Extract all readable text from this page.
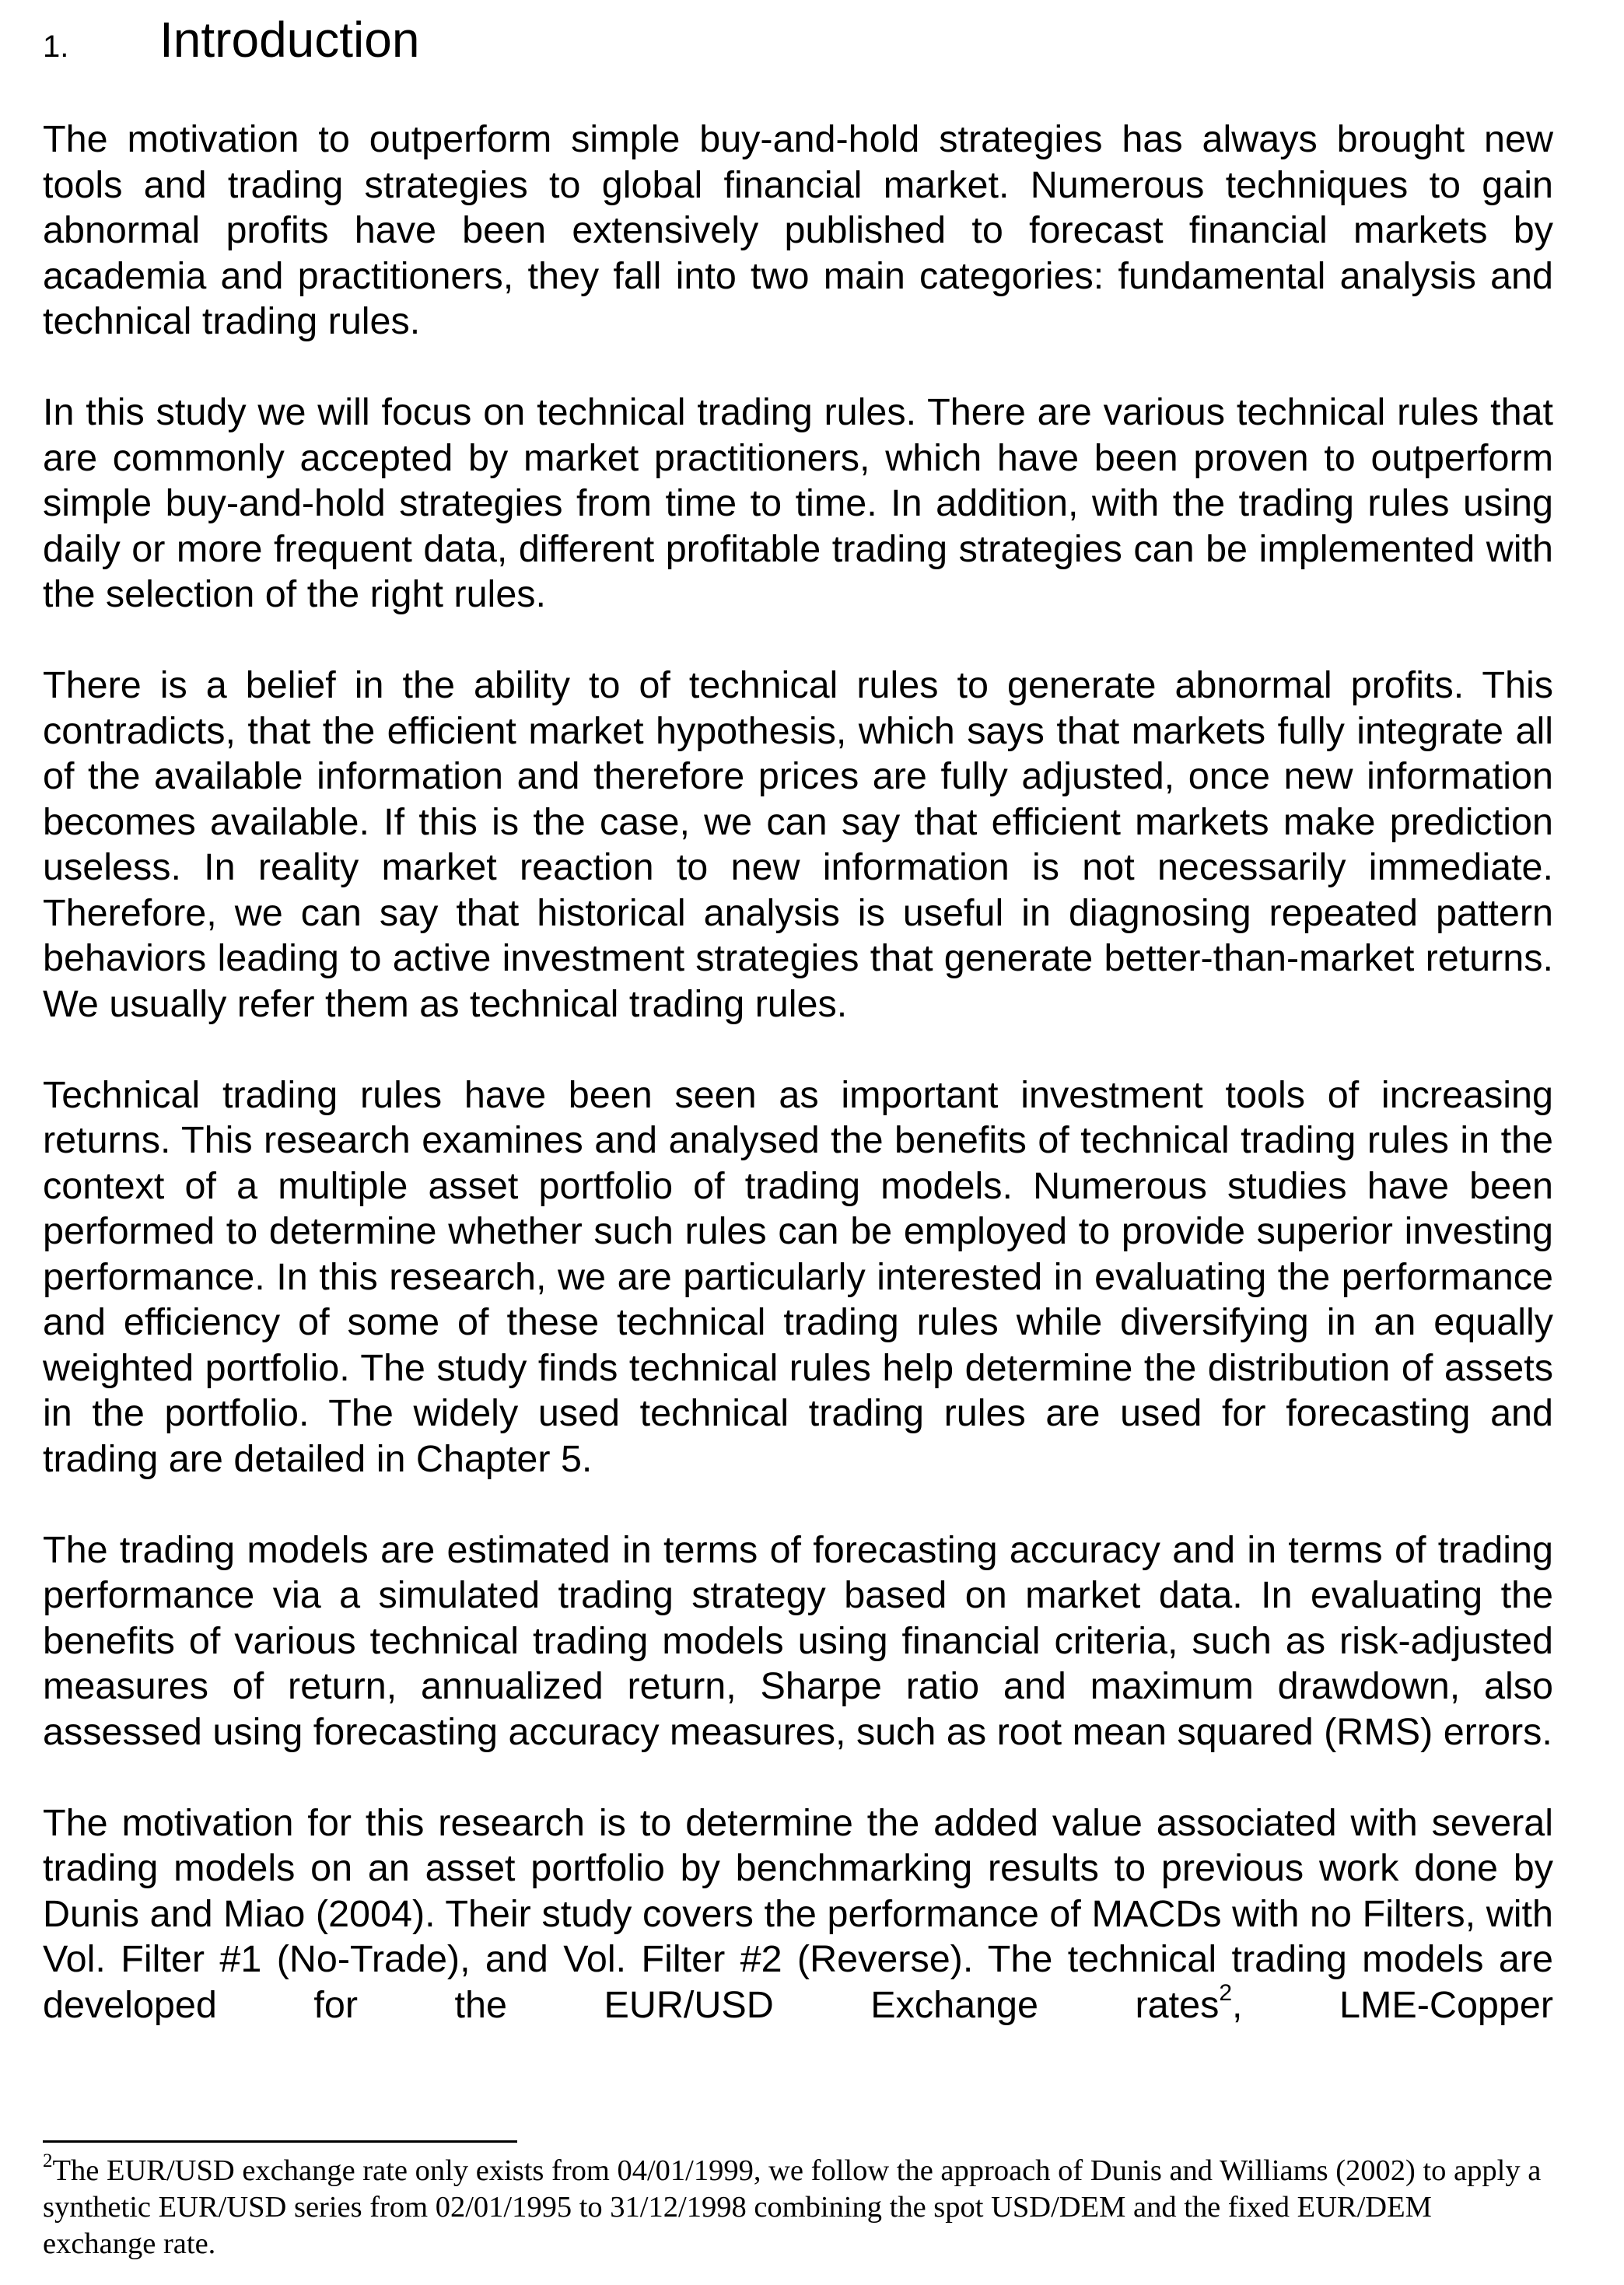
1. Introduction

The motivation to outperform simple buy-and-hold strategies has always brought new tools and trading strategies to global financial market. Numerous techniques to gain abnormal profits have been extensively published to forecast financial markets by academia and practitioners, they fall into two main categories: fundamental analysis and technical trading rules.

In this study we will focus on technical trading rules. There are various technical rules that are commonly accepted by market practitioners, which have been proven to outperform simple buy-and-hold strategies from time to time. In addition, with the trading rules using daily or more frequent data, different profitable trading strategies can be implemented with the selection of the right rules.

There is a belief in the ability to of technical rules to generate abnormal profits. This contradicts, that the efficient market hypothesis, which says that markets fully integrate all of the available information and therefore prices are fully adjusted, once new information becomes available. If this is the case, we can say that efficient markets make prediction useless. In reality market reaction to new information is not necessarily immediate. Therefore, we can say that historical analysis is useful in diagnosing repeated pattern behaviors leading to active investment strategies that generate better-than-market returns. We usually refer them as technical trading rules.

Technical trading rules have been seen as important investment tools of increasing returns. This research examines and analysed the benefits of technical trading rules in the context of a multiple asset portfolio of trading models. Numerous studies have been performed to determine whether such rules can be employed to provide superior investing performance. In this research, we are particularly interested in evaluating the performance and efficiency of some of these technical trading rules while diversifying in an equally weighted portfolio. The study finds technical rules help determine the distribution of assets in the portfolio. The widely used technical trading rules are used for forecasting and trading are detailed in Chapter 5.

The trading models are estimated in terms of forecasting accuracy and in terms of trading performance via a simulated trading strategy based on market data. In evaluating the benefits of various technical trading models using financial criteria, such as risk-adjusted measures of return, annualized return, Sharpe ratio and maximum drawdown, also assessed using forecasting accuracy measures, such as root mean squared (RMS) errors.

The motivation for this research is to determine the added value associated with several trading models on an asset portfolio by benchmarking results to previous work done by Dunis and Miao (2004). Their study covers the performance of MACDs with no Filters, with Vol. Filter #1 (No-Trade), and Vol. Filter #2 (Reverse). The technical trading models are developed for the EUR/USD Exchange rates$^2$, LME-Copper

$^2$The EUR/USD exchange rate only exists from 04/01/1999, we follow the approach of Dunis and Williams (2002) to apply a synthetic EUR/USD series from 02/01/1995 to 31/12/1998 combining the spot USD/DEM and the fixed EUR/DEM exchange rate.
